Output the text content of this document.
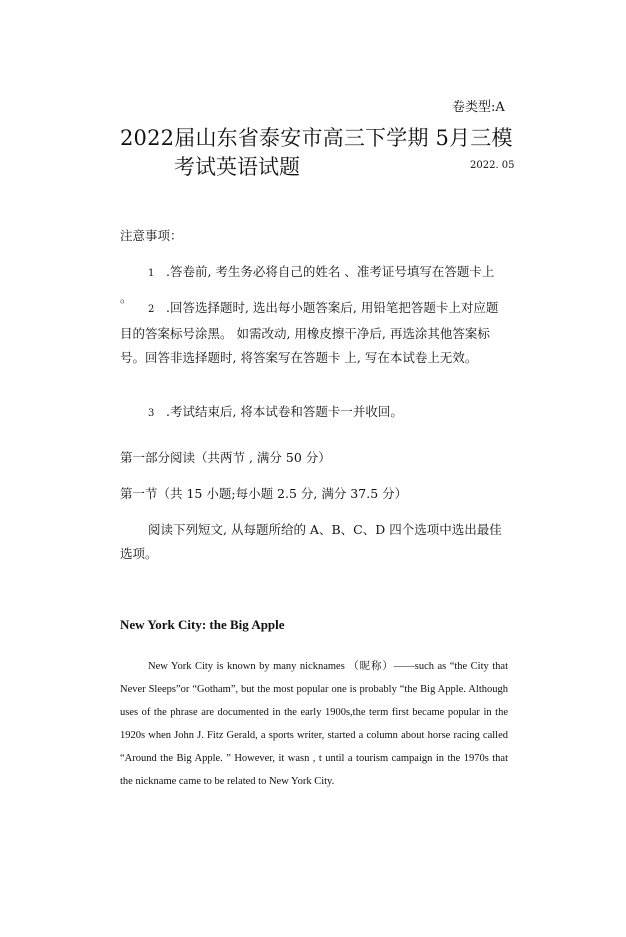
卷类型:A
2022届山东省泰安市高三下学期 5月三模
考试英语试题	2022. 05
注意事项：
1 .答卷前, 考生务必将自己的姓名 、准考证号填写在答题卡上 。
2 .回答选择题时, 选出每小题答案后, 用铅笔把答题卡上对应题目的答案标号涂黑。 如需改动, 用橡皮擦干净后, 再选涂其他答案标号。回答非选择题时, 将答案写在答题卡 上, 写在本试卷上无效。
3 .考试结束后, 将本试卷和答题卡一并收回。
第一部分阅读（共两节 , 满分 50 分）
第一节（共 15 小题;每小题 2.5 分, 满分 37.5 分）
阅读下列短文, 从每题所给的 A、B、C、D 四个选项中选出最佳选项。
New York City: the Big Apple
New York City is known by many nicknames （昵称）——such as “the City that Never Sleeps”or “Gotham”, but the most popular one is probably “the Big Apple. Although uses of the phrase are documented in the early 1900s,the term first became popular in the 1920s when John J. Fitz Gerald, a sports writer, started a column about horse racing called “Around the Big Apple. ” However, it wasn , t until a tourism campaign in the 1970s that the nickname came to be related to New York City.
